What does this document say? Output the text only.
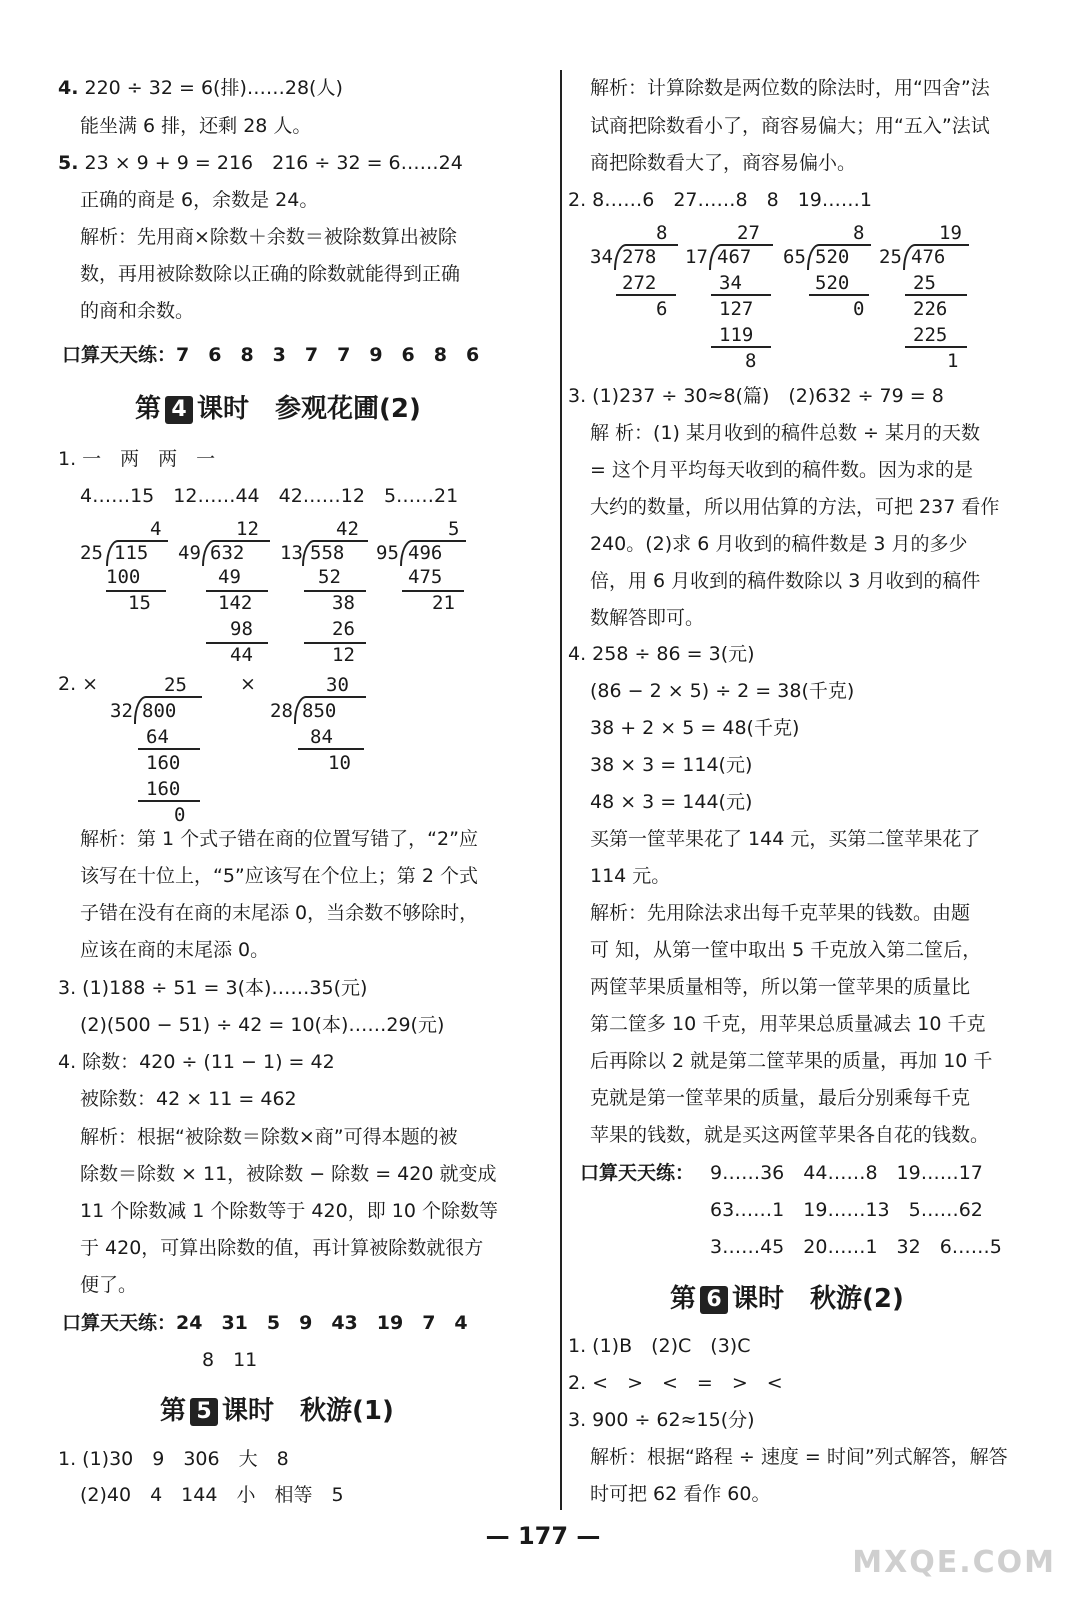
4. 220 ÷ 32 = 6(排)……28(人)
能坐满 6 排，还剩 28 人。
5. 23 × 9 + 9 = 216　216 ÷ 32 = 6……24
正确的商是 6，余数是 24。
解析：先用商×除数＋余数＝被除数算出被除
数，再用被除数除以正确的除数就能得到正确
的商和余数。
口算天天练：7　6　8　3　7　7　9　6　8　6
第 4 课时　参观花圃(2)
1. 一　两　两　一
4……15　12……44　42……12　5……21
4
25 115
100
15
12
49 632
49
142
98
44
42
13 558
52
38
26
12
5
95 496
475
21
2. ×	25
32 800
64
160
160
0
×	30
28 850
84
10
解析：第 1 个式子错在商的位置写错了，“2”应
该写在十位上，“5”应该写在个位上；第 2 个式
子错在没有在商的末尾添 0，当余数不够除时，
应该在商的末尾添 0。
3. (1)188 ÷ 51 = 3(本)……35(元)
(2)(500 − 51) ÷ 42 = 10(本)……29(元)
4. 除数：420 ÷ (11 − 1) = 42
被除数：42 × 11 = 462
解析：根据“被除数＝除数×商”可得本题的被
除数＝除数 × 11，被除数 − 除数 = 420 就变成
11 个除数减 1 个除数等于 420，即 10 个除数等
于 420，可算出除数的值，再计算被除数就很方
便了。
口算天天练：24　31　5　9　43　19　7　4
8　11
第 5 课时　秋游(1)
1. (1)30　9　306　大　8
(2)40　4　144　小　相等　5
解析：计算除数是两位数的除法时，用“四舍”法
试商把除数看小了，商容易偏大；用“五入”法试
商把除数看大了，商容易偏小。
2. 8……6　27……8　8　19……1
8
34 278
272
6
27
17 467
34
127
119
8
8
65 520
520
0
19
25 476
25
226
225
1
3. (1)237 ÷ 30≈8(篇)　(2)632 ÷ 79 = 8
解 析：(1) 某月收到的稿件总数 ÷ 某月的天数
= 这个月平均每天收到的稿件数。因为求的是
大约的数量，所以用估算的方法，可把 237 看作
240。(2)求 6 月收到的稿件数是 3 月的多少
倍，用 6 月收到的稿件数除以 3 月收到的稿件
数解答即可。
4. 258 ÷ 86 = 3(元)
(86 − 2 × 5) ÷ 2 = 38(千克)
38 + 2 × 5 = 48(千克)
38 × 3 = 114(元)
48 × 3 = 144(元)
买第一筐苹果花了 144 元，买第二筐苹果花了
114 元。
解析：先用除法求出每千克苹果的钱数。由题
可 知，从第一筐中取出 5 千克放入第二筐后，
两筐苹果质量相等，所以第一筐苹果的质量比
第二筐多 10 千克，用苹果总质量减去 10 千克
后再除以 2 就是第二筐苹果的质量，再加 10 千
克就是第一筐苹果的质量，最后分别乘每千克
苹果的钱数，就是买这两筐苹果各自花的钱数。
口算天天练： 9……36　44……8　19……17
63……1　19……13　5……62
3……45　20……1　32　6……5
第 6 课时　秋游(2)
1. (1)B　(2)C　(3)C
2. <　>　<　=　>　<
3. 900 ÷ 62≈15(分)
解析：根据“路程 ÷ 速度 = 时间”列式解答，解答
时可把 62 看作 60。
— 177 —
MXQE.COM
